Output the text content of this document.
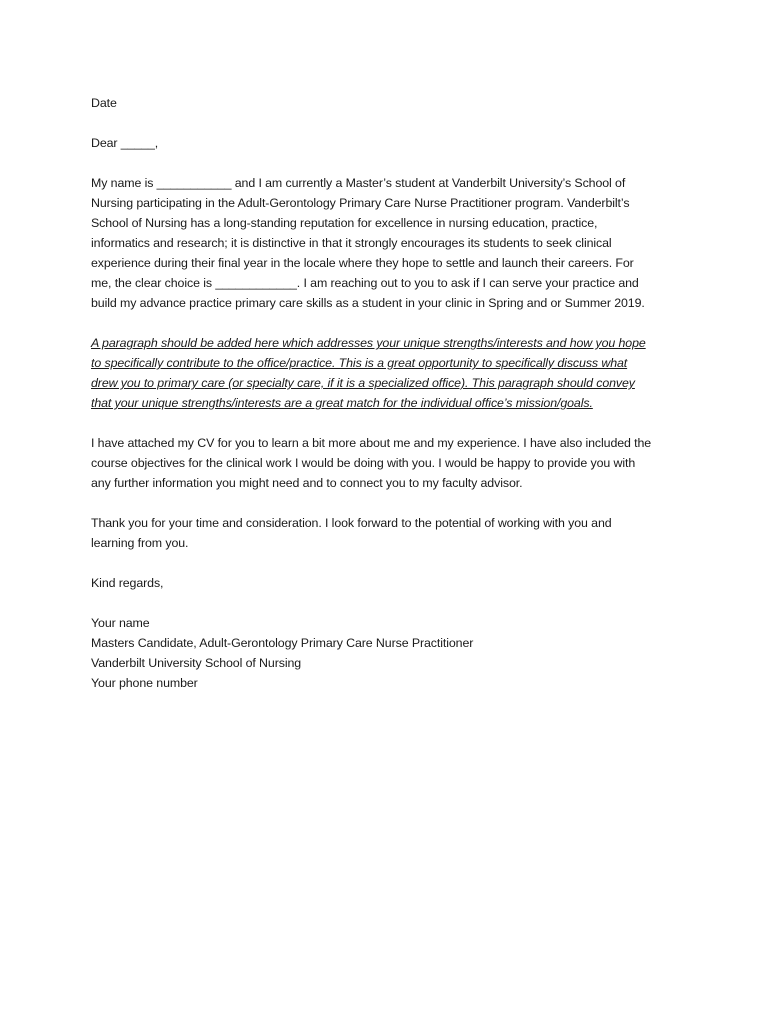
Date

Dear _____,

My name is ___________ and I am currently a Master’s student at Vanderbilt University’s School of
Nursing participating in the Adult-Gerontology Primary Care Nurse Practitioner program. Vanderbilt’s
School of Nursing has a long-standing reputation for excellence in nursing education, practice,
informatics and research; it is distinctive in that it strongly encourages its students to seek clinical
experience during their final year in the locale where they hope to settle and launch their careers. For
me, the clear choice is ____________. I am reaching out to you to ask if I can serve your practice and
build my advance practice primary care skills as a student in your clinic in Spring and or Summer 2019.

A paragraph should be added here which addresses your unique strengths/interests and how you hope
to specifically contribute to the office/practice. This is a great opportunity to specifically discuss what
drew you to primary care (or specialty care, if it is a specialized office). This paragraph should convey
that your unique strengths/interests are a great match for the individual office’s mission/goals.

I have attached my CV for you to learn a bit more about me and my experience. I have also included the
course objectives for the clinical work I would be doing with you. I would be happy to provide you with
any further information you might need and to connect you to my faculty advisor.

Thank you for your time and consideration. I look forward to the potential of working with you and
learning from you.

Kind regards,

Your name

Masters Candidate, Adult-Gerontology Primary Care Nurse Practitioner

Vanderbilt University School of Nursing

Your phone number
